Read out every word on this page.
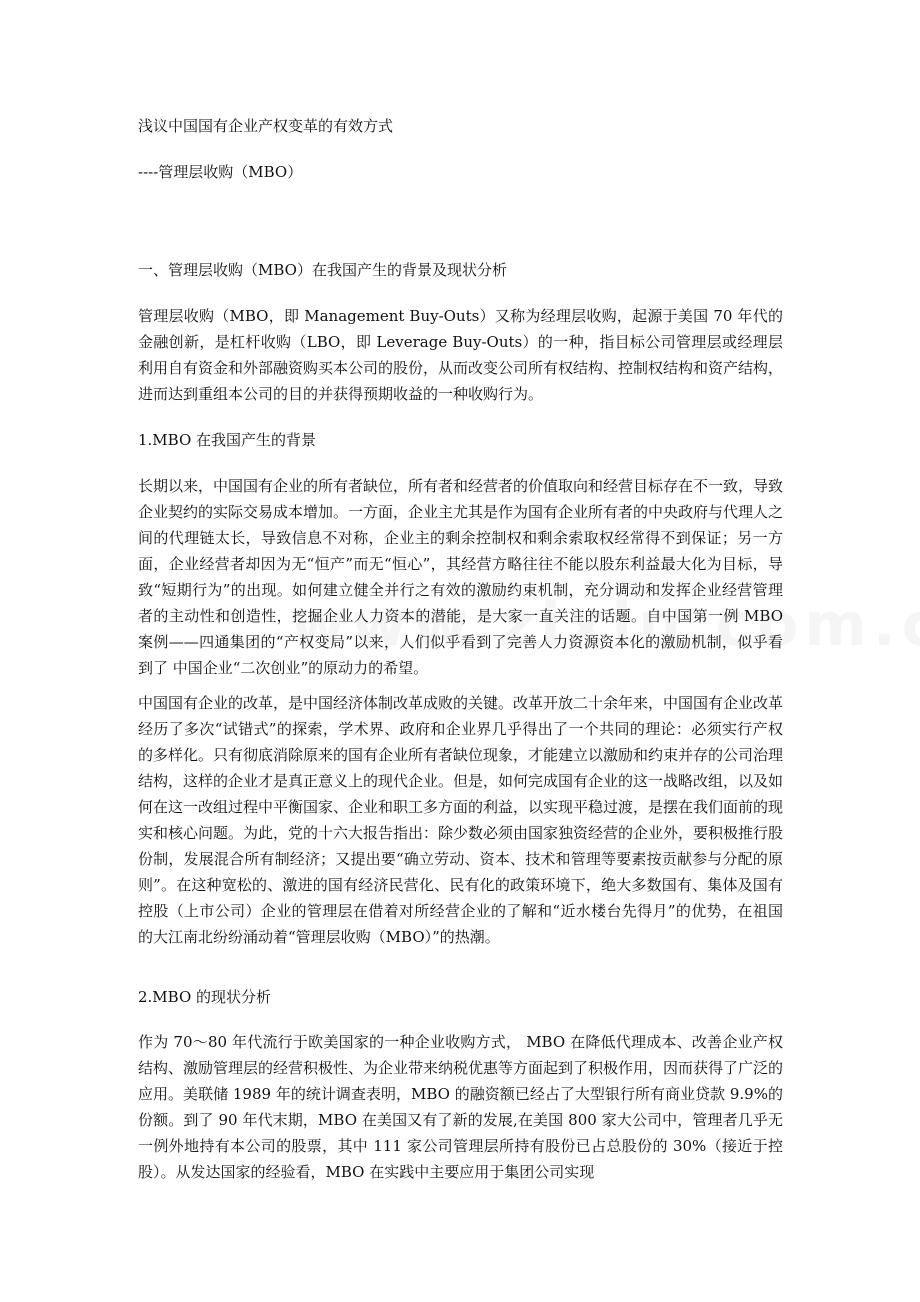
浅议中国国有企业产权变革的有效方式
----管理层收购（MBO）
一、管理层收购（MBO）在我国产生的背景及现状分析
管理层收购（MBO，即 Management Buy-Outs）又称为经理层收购，起源于美国 70 年代的金融创新，是杠杆收购（LBO，即 Leverage Buy-Outs）的一种，指目标公司管理层或经理层利用自有资金和外部融资购买本公司的股份，从而改变公司所有权结构、控制权结构和资产结构，进而达到重组本公司的目的并获得预期收益的一种收购行为。
1.MBO 在我国产生的背景
长期以来，中国国有企业的所有者缺位，所有者和经营者的价值取向和经营目标存在不一致，导致企业契约的实际交易成本增加。一方面，企业主尤其是作为国有企业所有者的中央政府与代理人之间的代理链太长，导致信息不对称，企业主的剩余控制权和剩余索取权经常得不到保证；另一方面，企业经营者却因为无“恒产”而无“恒心”，其经营方略往往不能以股东利益最大化为目标，导致“短期行为”的出现。如何建立健全并行之有效的激励约束机制，充分调动和发挥企业经营管理者的主动性和创造性，挖掘企业人力资本的潜能，是大家一直关注的话题。自中国第一例 MBO 案例——四通集团的“产权变局”以来，人们似乎看到了完善人力资源资本化的激励机制，似乎看到了 中国企业“二次创业”的原动力的希望。
中国国有企业的改革，是中国经济体制改革成败的关键。改革开放二十余年来，中国国有企业改革经历了多次“试错式”的探索，学术界、政府和企业界几乎得出了一个共同的理论：必须实行产权的多样化。只有彻底消除原来的国有企业所有者缺位现象，才能建立以激励和约束并存的公司治理结构，这样的企业才是真正意义上的现代企业。但是，如何完成国有企业的这一战略改组，以及如何在这一改组过程中平衡国家、企业和职工多方面的利益，以实现平稳过渡，是摆在我们面前的现实和核心问题。为此，党的十六大报告指出：除少数必须由国家独资经营的企业外，要积极推行股份制，发展混合所有制经济；又提出要“确立劳动、资本、技术和管理等要素按贡献参与分配的原则”。在这种宽松的、激进的国有经济民营化、民有化的政策环境下，绝大多数国有、集体及国有控股（上市公司）企业的管理层在借着对所经营企业的了解和“近水楼台先得月”的优势，在祖国的大江南北纷纷涌动着“管理层收购（MBO）”的热潮。
2.MBO 的现状分析
作为 70～80 年代流行于欧美国家的一种企业收购方式， MBO 在降低代理成本、改善企业产权结构、激励管理层的经营积极性、为企业带来纳税优惠等方面起到了积极作用，因而获得了广泛的应用。美联储 1989 年的统计调查表明，MBO 的融资额已经占了大型银行所有商业贷款 9.9%的份额。到了 90 年代末期，MBO 在美国又有了新的发展,在美国 800 家大公司中，管理者几乎无一例外地持有本公司的股票，其中 111 家公司管理层所持有股份已占总股份的 30%（接近于控股）。从发达国家的经验看，MBO 在实践中主要应用于集团公司实现
